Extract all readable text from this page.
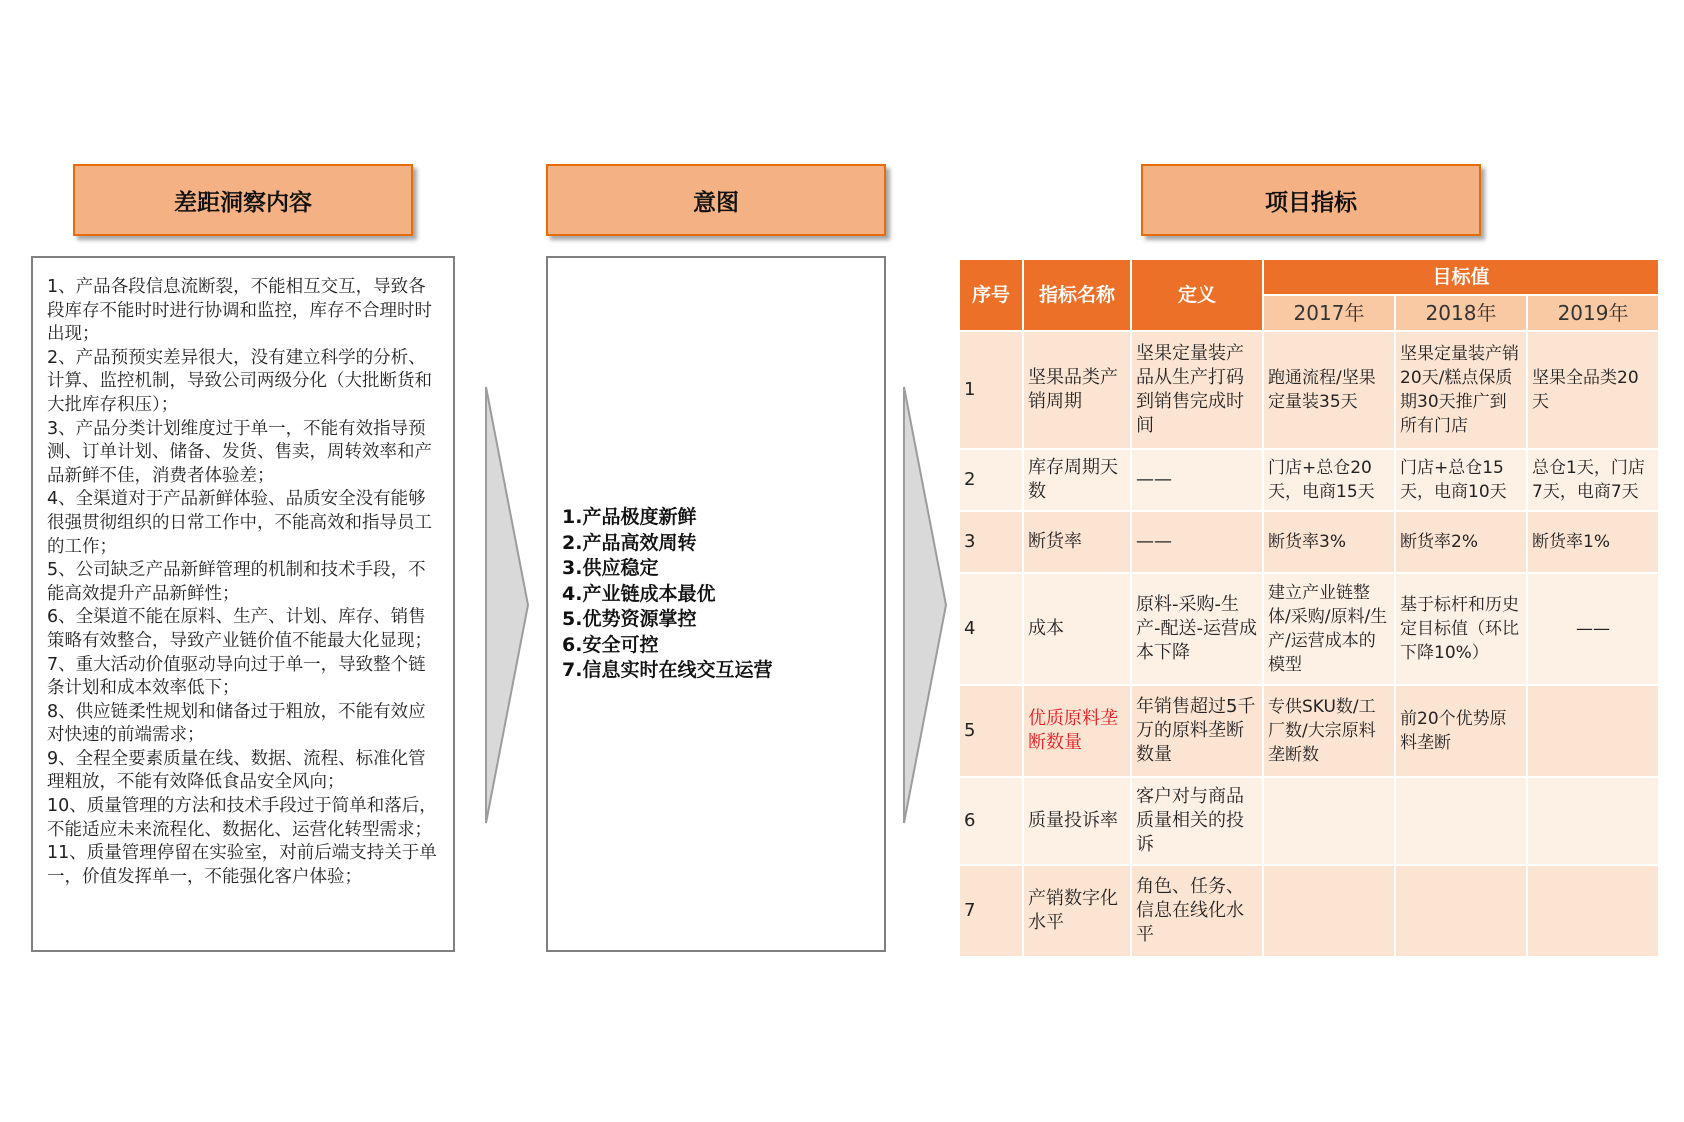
差距洞察内容	意图	项目指标
1、产品各段信息流断裂，不能相互交互，导致各段库存不能时时进行协调和监控，库存不合理时时出现；
2、产品预预实差异很大，没有建立科学的分析、计算、监控机制，导致公司两级分化（大批断货和大批库存积压）；
3、产品分类计划维度过于单一，不能有效指导预测、订单计划、储备、发货、售卖，周转效率和产品新鲜不佳，消费者体验差；
4、全渠道对于产品新鲜体验、品质安全没有能够很强贯彻组织的日常工作中，不能高效和指导员工的工作；
5、公司缺乏产品新鲜管理的机制和技术手段，不能高效提升产品新鲜性；
6、全渠道不能在原料、生产、计划、库存、销售策略有效整合，导致产业链价值不能最大化显现；
7、重大活动价值驱动导向过于单一，导致整个链条计划和成本效率低下；
8、供应链柔性规划和储备过于粗放，不能有效应对快速的前端需求；
9、全程全要素质量在线、数据、流程、标准化管理粗放，不能有效降低食品安全风向；
10、质量管理的方法和技术手段过于简单和落后，不能适应未来流程化、数据化、运营化转型需求；
11、质量管理停留在实验室，对前后端支持关于单一，价值发挥单一，不能强化客户体验；
1.产品极度新鲜
2.产品高效周转
3.供应稳定
4.产业链成本最优
5.优势资源掌控
6.安全可控
7.信息实时在线交互运营
序号	指标名称	定义	目标值		
			2017年	2018年	2019年
1	坚果品类产销周期	坚果定量装产品从生产打码到销售完成时间	跑通流程/坚果定量装35天	坚果定量装产销20天/糕点保质期30天推广到所有门店	坚果全品类20天
2	库存周期天数	——	门店+总仓20天，电商15天	门店+总仓15天，电商10天	总仓1天，门店7天，电商7天
3	断货率	——	断货率3%	断货率2%	断货率1%
4	成本	原料-采购-生产-配送-运营成本下降	建立产业链整体/采购/原料/生产/运营成本的模型	基于标杆和历史定目标值（环比下降10%）	——
5	优质原料垄断数量	年销售超过5千万的原料垄断数量	专供SKU数/工厂数/大宗原料垄断数	前20个优势原料垄断	
6	质量投诉率	客户对与商品质量相关的投诉			
7	产销数字化水平	角色、任务、信息在线化水平			
